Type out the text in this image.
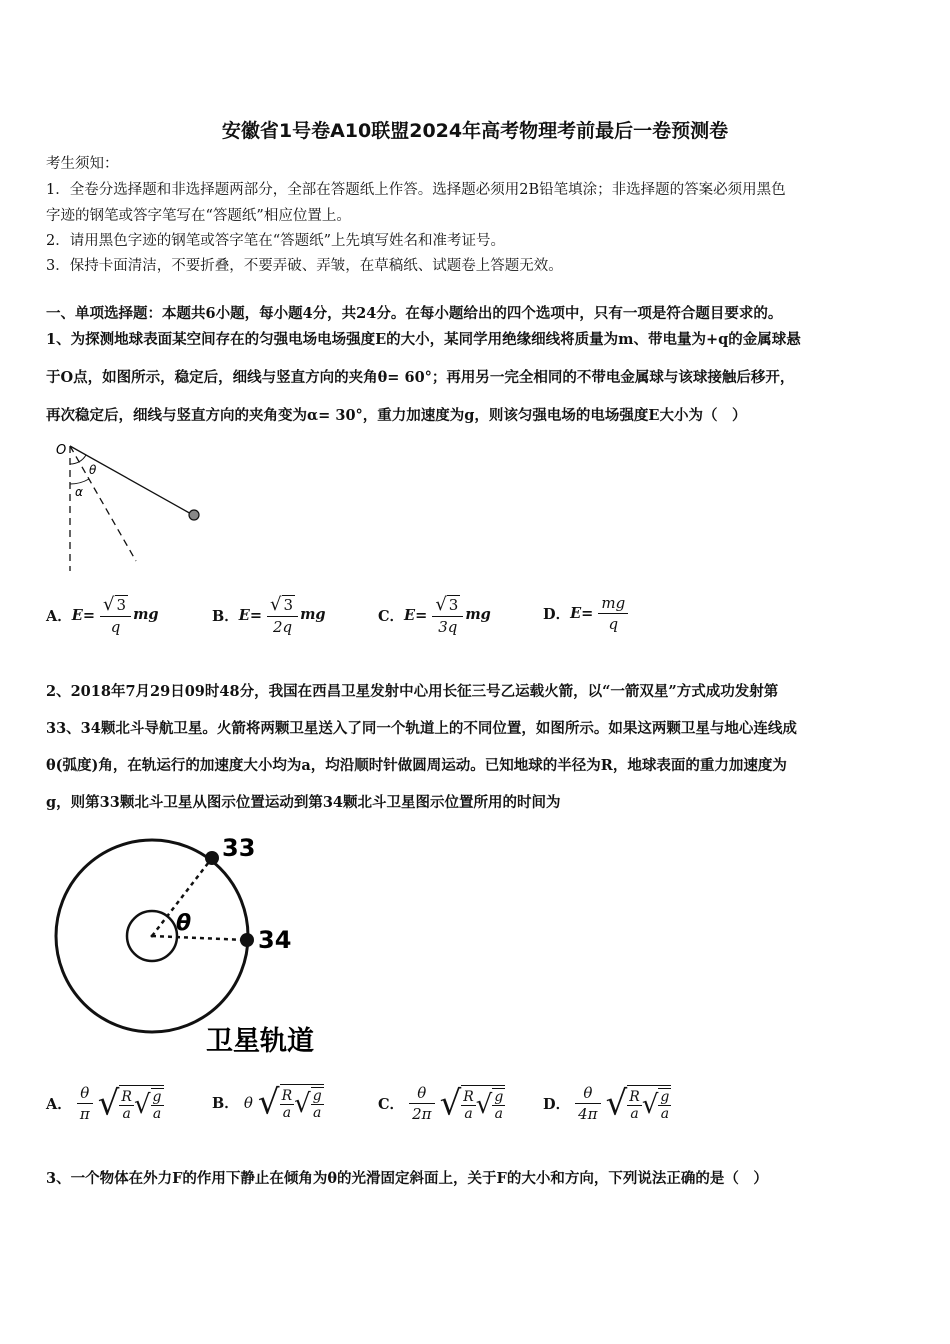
安徽省1号卷A10联盟2024年高考物理考前最后一卷预测卷
考生须知：
1．全卷分选择题和非选择题两部分，全部在答题纸上作答。选择题必须用2B铅笔填涂；非选择题的答案必须用黑色
字迹的钢笔或答字笔写在“答题纸”相应位置上。
2．请用黑色字迹的钢笔或答字笔在“答题纸”上先填写姓名和准考证号。
3．保持卡面清洁，不要折叠，不要弄破、弄皱，在草稿纸、试题卷上答题无效。
一、单项选择题：本题共6小题，每小题4分，共24分。在每小题给出的四个选项中，只有一项是符合题目要求的。
1、为探测地球表面某空间存在的匀强电场电场强度E的大小，某同学用绝缘细线将质量为m、带电量为+q的金属球悬
于O点，如图所示，稳定后，细线与竖直方向的夹角θ= 60°；再用另一完全相同的不带电金属球与该球接触后移开，
再次稳定后，细线与竖直方向的夹角变为α= 30°，重力加速度为g，则该匀强电场的电场强度E大小为（　）
O
θ
α
A．$E= \frac{√ 3}{q}$ mg	B．$E= \frac{√ 3}{2q}$ mg	C．$E= \frac{√ 3}{3q}$ mg	D．$E= \frac{mg}{q}$
2、2018年7月29日09时48分，我国在西昌卫星发射中心用长征三号乙运载火箭，以“一箭双星”方式成功发射第
33、34颗北斗导航卫星。火箭将两颗卫星送入了同一个轨道上的不同位置，如图所示。如果这两颗卫星与地心连线成
θ(弧度)角，在轨运行的加速度大小均为a，均沿顺时针做圆周运动。已知地球的半径为R，地球表面的重力加速度为
g，则第33颗北斗卫星从图示位置运动到第34颗北斗卫星图示位置所用的时间为
33
34
θ
卫星轨道
A． $\frac{\theta}{\pi}$ √ $\frac{R}{a}$ √ $\frac{g}{a}$	B． θ √ $\frac{R}{a}$ √ $\frac{g}{a}$	C． $\frac{\theta}{2\pi}$ √ $\frac{R}{a}$ √ $\frac{g}{a}$	D． $\frac{\theta}{4\pi}$ √ $\frac{R}{a}$ √ $\frac{g}{a}$
3、一个物体在外力F的作用下静止在倾角为θ的光滑固定斜面上，关于F的大小和方向，下列说法正确的是（　）
